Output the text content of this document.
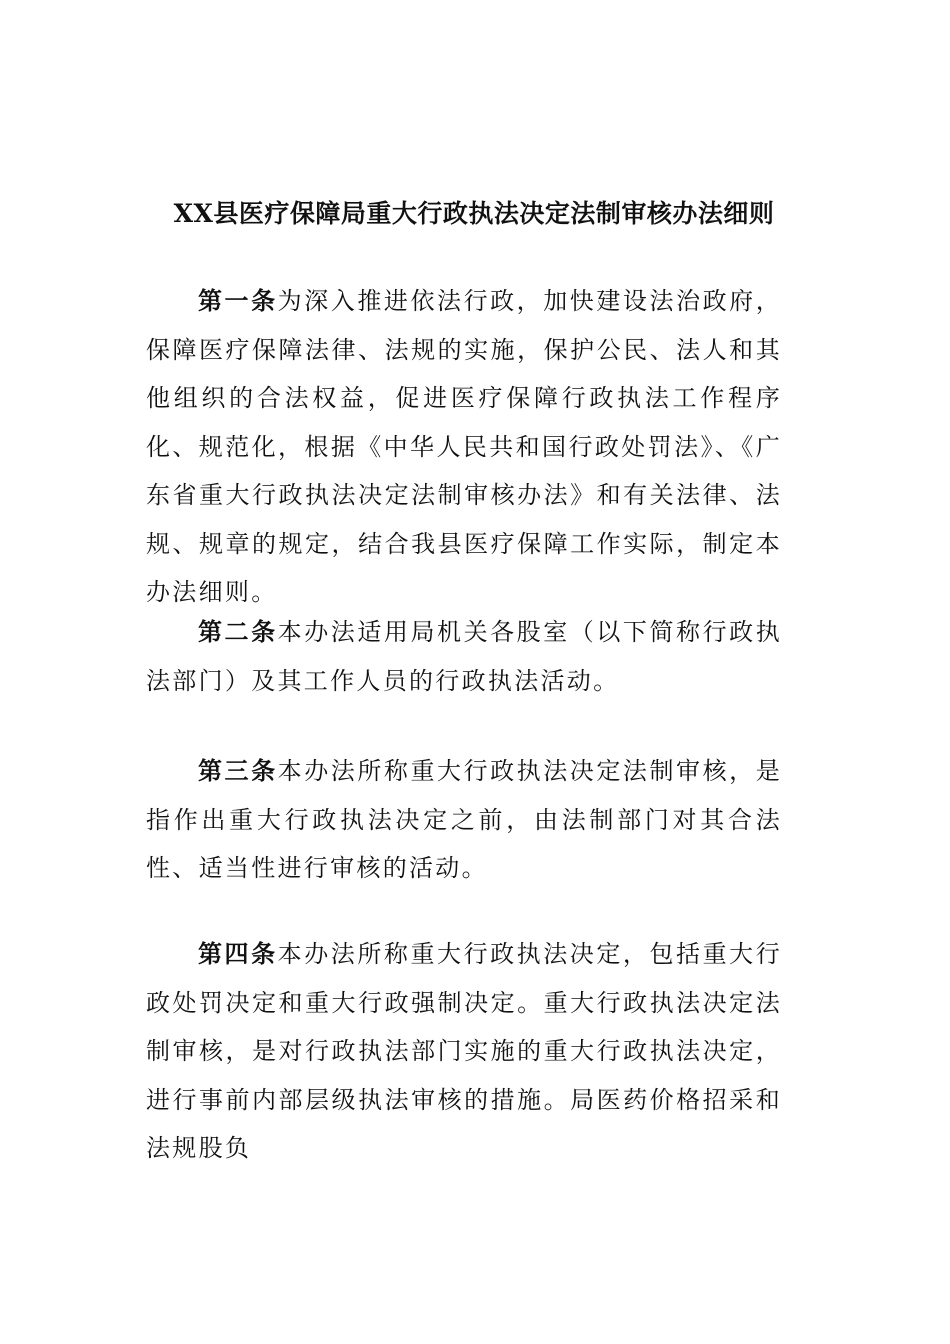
XX县医疗保障局重大行政执法决定法制审核办法细则

第一条为深入推进依法行政，加快建设法治政府，保障医疗保障法律、法规的实施，保护公民、法人和其他组织的合法权益，促进医疗保障行政执法工作程序化、规范化，根据《中华人民共和国行政处罚法》、《广东省重大行政执法决定法制审核办法》和有关法律、法规、规章的规定，结合我县医疗保障工作实际，制定本办法细则。

第二条本办法适用局机关各股室（以下简称行政执法部门）及其工作人员的行政执法活动。

第三条本办法所称重大行政执法决定法制审核，是指作出重大行政执法决定之前，由法制部门对其合法性、适当性进行审核的活动。

第四条本办法所称重大行政执法决定，包括重大行政处罚决定和重大行政强制决定。重大行政执法决定法制审核，是对行政执法部门实施的重大行政执法决定，进行事前内部层级执法审核的措施。局医药价格招采和法规股负
